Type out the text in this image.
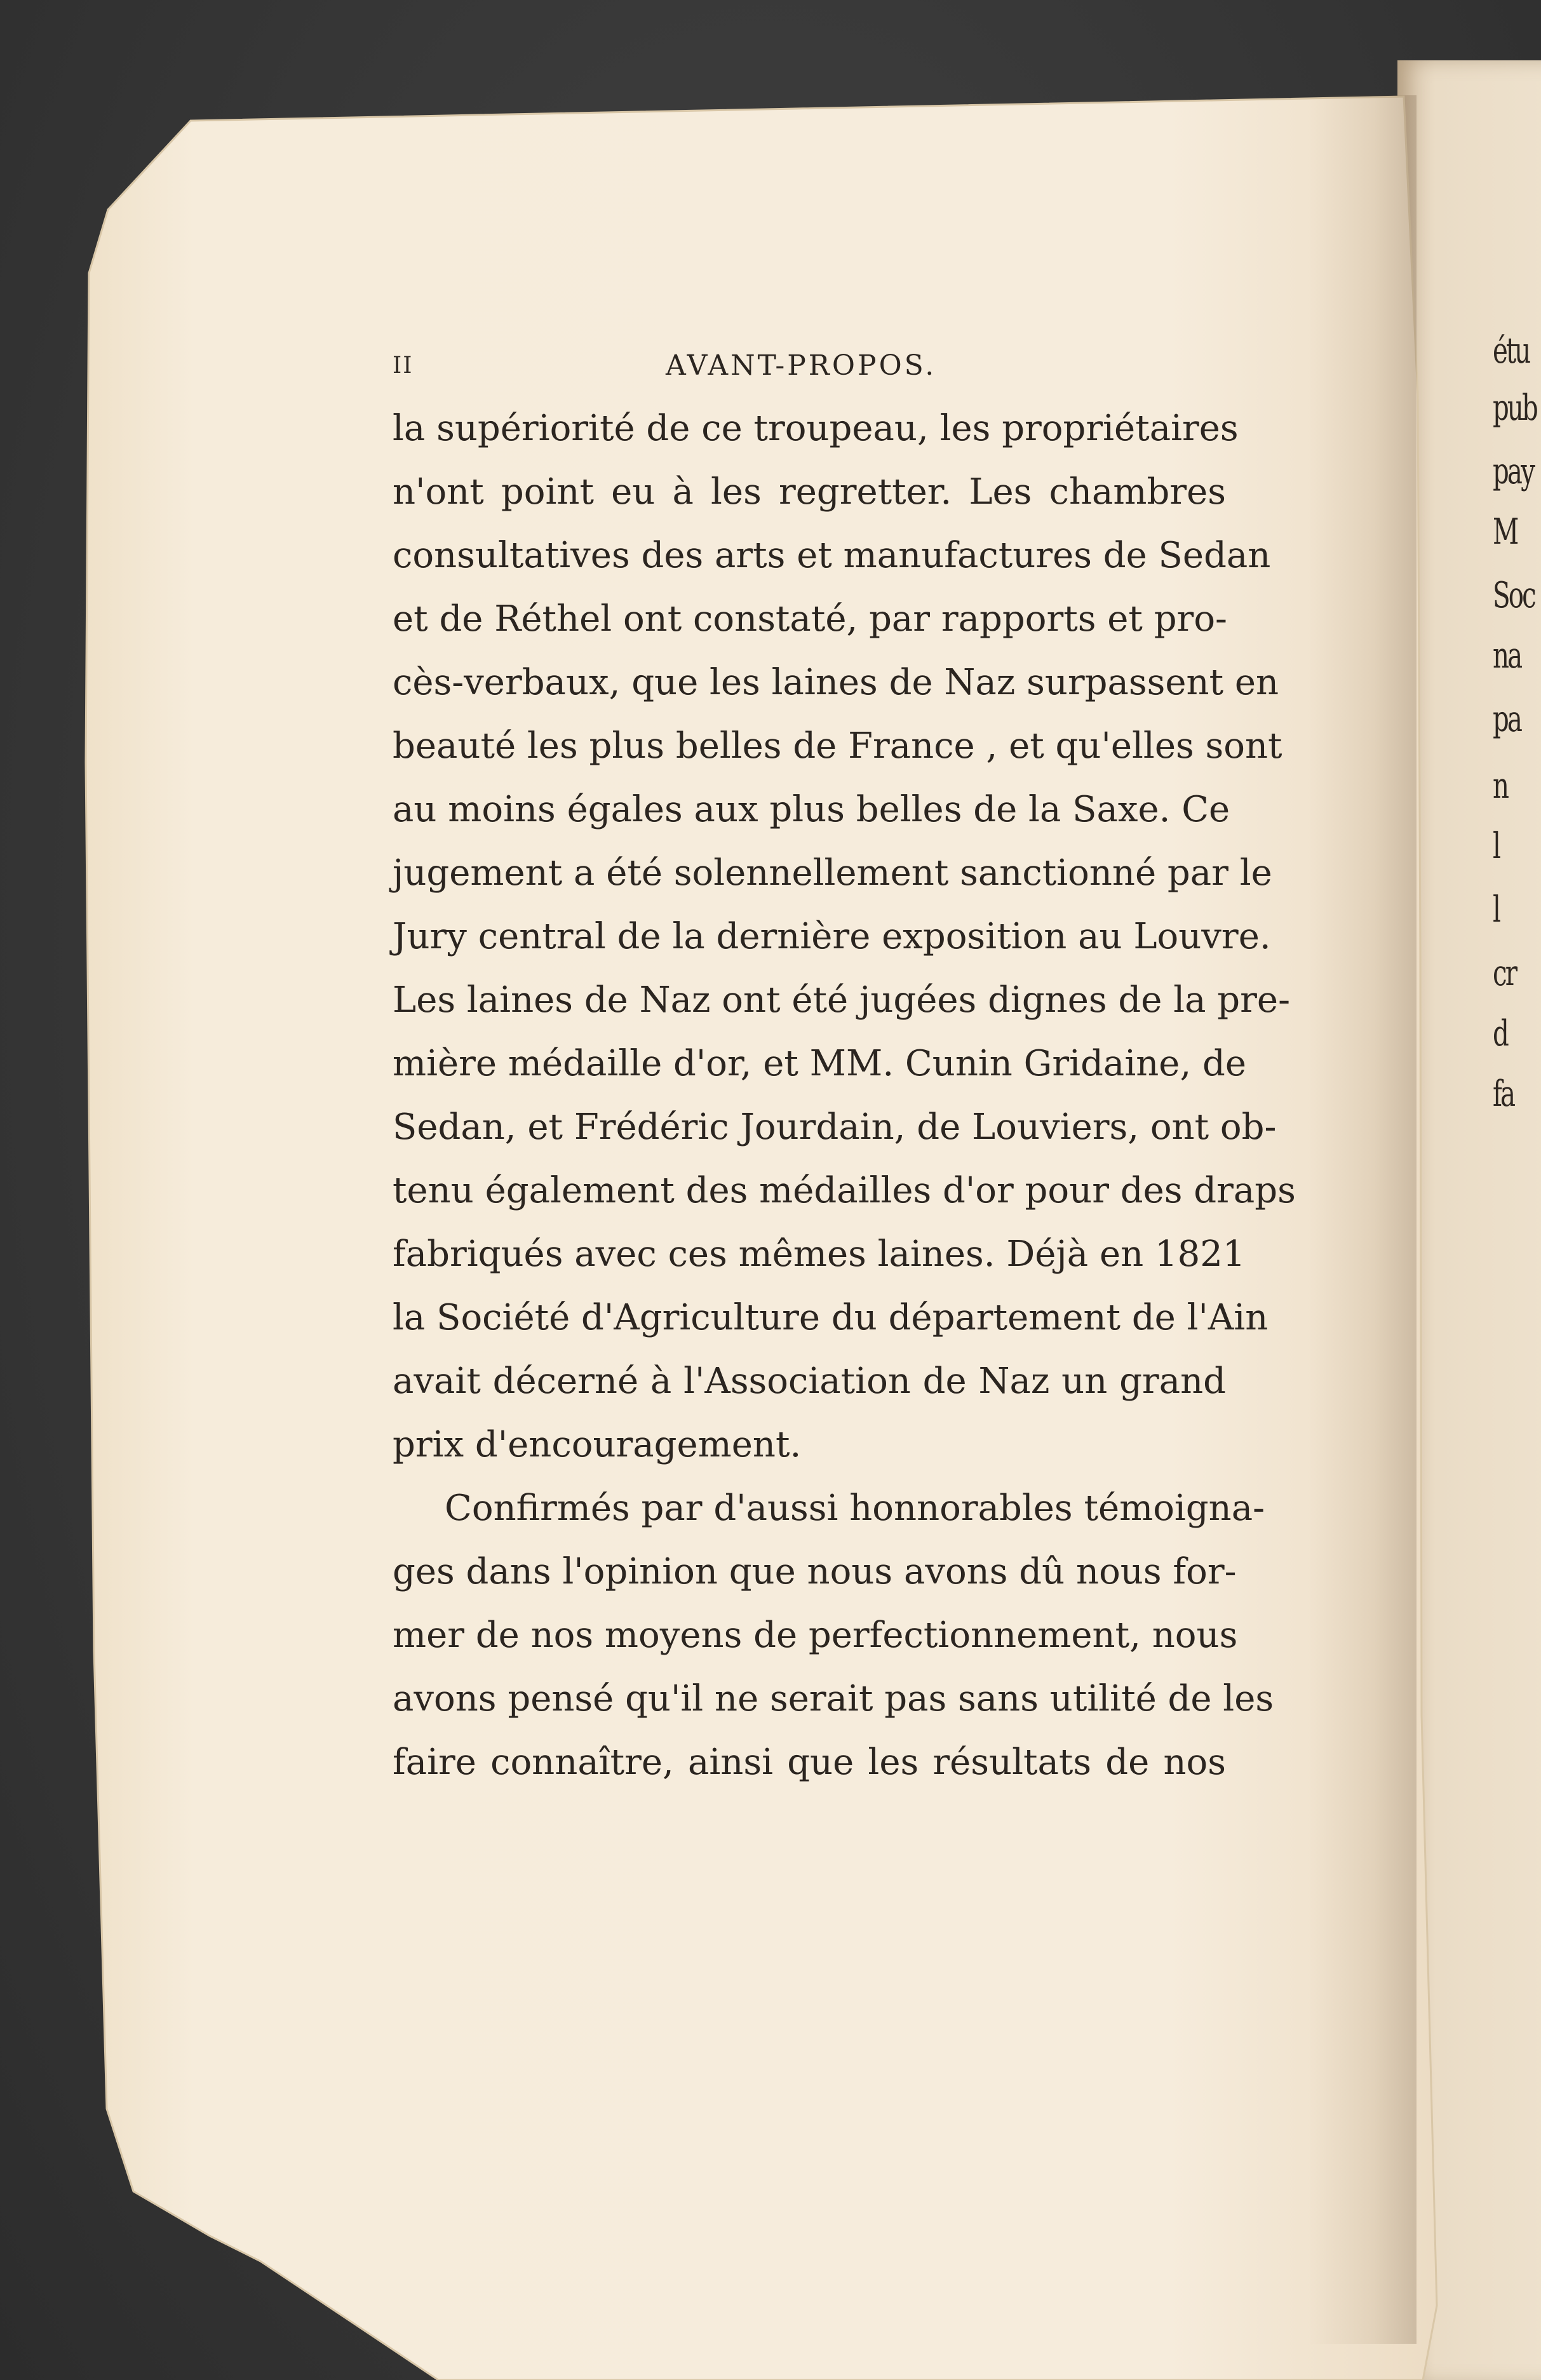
étu
pub
pay
M
Soc
na
pa
n
l
l
cr
d
fa
II	AVANT-PROPOS.
la supériorité de ce troupeau, les propriétaires
n'ont point eu à les regretter. Les chambres
consultatives des arts et manufactures de Sedan
et de Réthel ont constaté, par rapports et pro-
cès-verbaux, que les laines de Naz surpassent en
beauté les plus belles de France , et qu'elles sont
au moins égales aux plus belles de la Saxe. Ce
jugement a été solennellement sanctionné par le
Jury central de la dernière exposition au Louvre.
Les laines de Naz ont été jugées dignes de la pre-
mière médaille d'or, et MM. Cunin Gridaine, de
Sedan, et Frédéric Jourdain, de Louviers, ont ob-
tenu également des médailles d'or pour des draps
fabriqués avec ces mêmes laines. Déjà en 1821
la Société d'Agriculture du département de l'Ain
avait décerné à l'Association de Naz un grand
prix d'encouragement.
Confirmés par d'aussi honnorables témoigna-
ges dans l'opinion que nous avons dû nous for-
mer de nos moyens de perfectionnement, nous
avons pensé qu'il ne serait pas sans utilité de les
faire connaître, ainsi que les résultats de nos
